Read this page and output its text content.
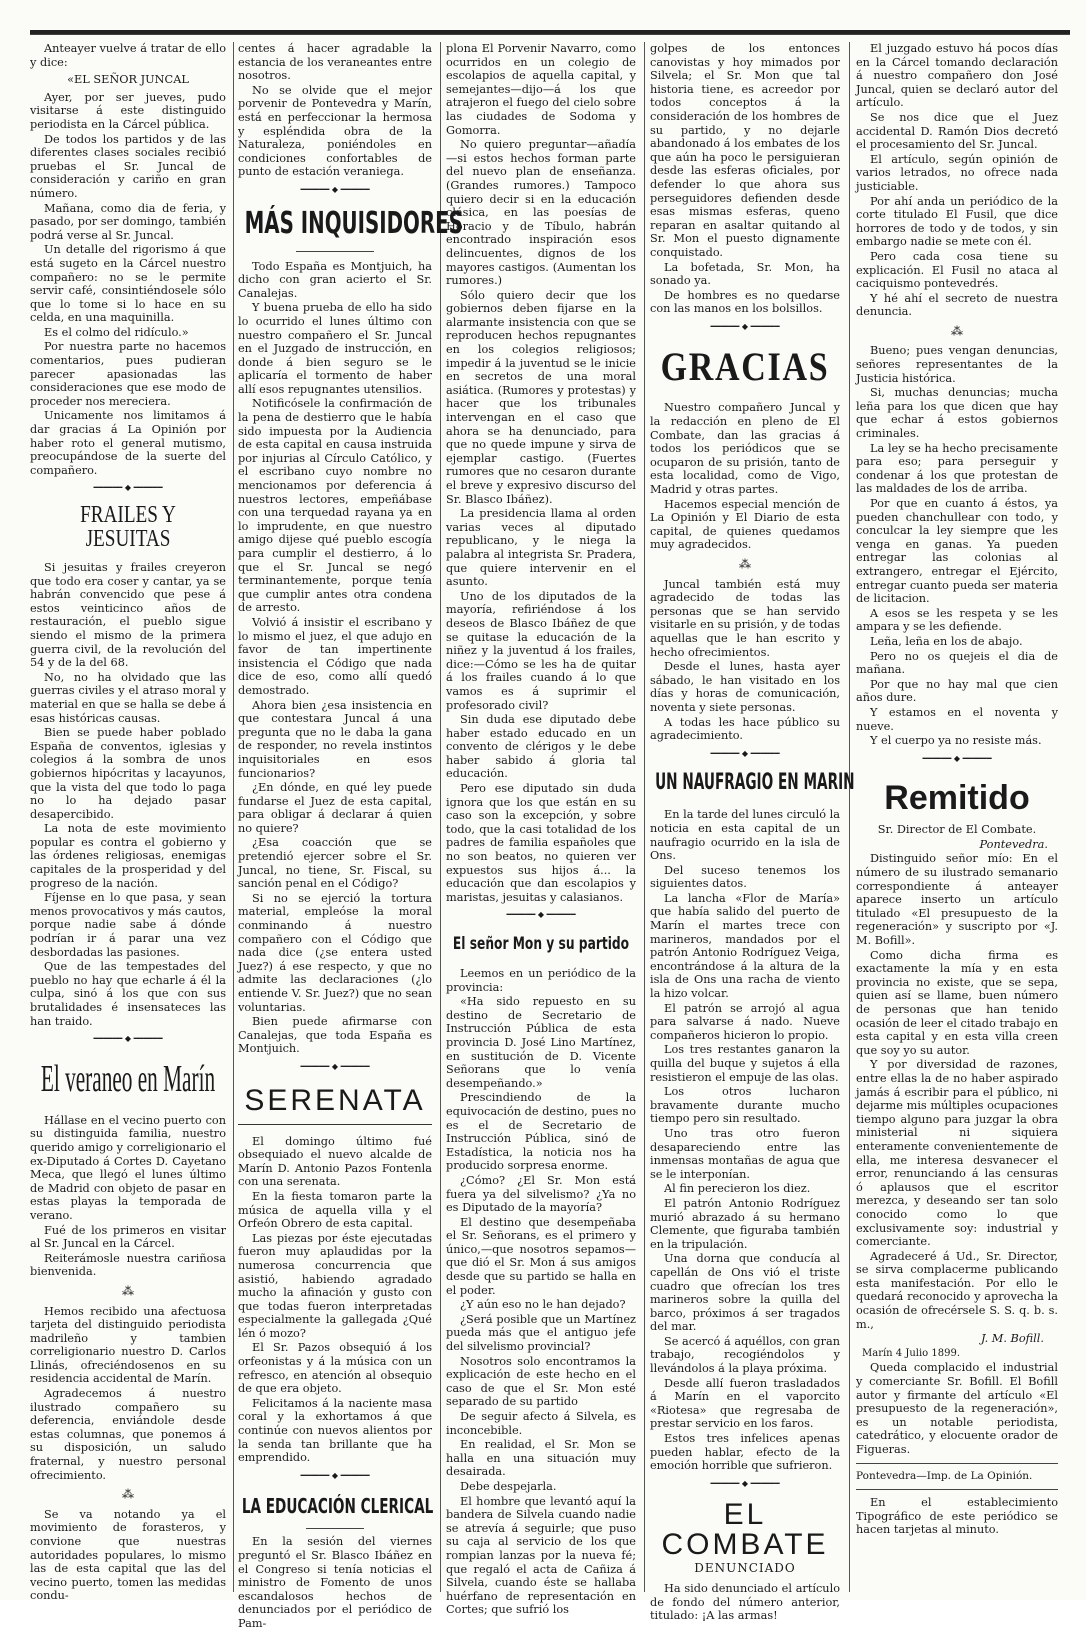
Anteayer vuelve á tratar de ello y dice:

«EL SEÑOR JUNCAL

Ayer, por ser jueves, pudo visitarse á este distinguido periodista en la Cárcel pública.

De todos los partidos y de las diferentes clases sociales recibió pruebas el Sr. Juncal de consideración y cariño en gran número.

Mañana, como dia de feria, y pasado, por ser domingo, también podrá verse al Sr. Juncal.

Un detalle del rigorismo á que está sugeto en la Cárcel nuestro compañero: no se le permite servir café, consintiéndosele sólo que lo tome si lo hace en su celda, en una maquinilla.

Es el colmo del ridículo.»

Por nuestra parte no hacemos comentarios, pues pudieran parecer apasionadas las consideraciones que ese modo de proceder nos mereciera.

Unicamente nos limitamos á dar gracias á La Opinión por haber roto el general mutismo, preocupándose de la suerte del compañero.

━━━━━━ ◆ ━━━━━━
FRAILES Y JESUITAS

Si jesuitas y frailes creyeron que todo era coser y cantar, ya se habrán convencido que pese á estos veinticinco años de restauración, el pueblo sigue siendo el mismo de la primera guerra civil, de la revolución del 54 y de la del 68.

No, no ha olvidado que las guerras civiles y el atraso moral y material en que se halla se debe á esas históricas causas.

Bien se puede haber poblado España de conventos, iglesias y colegios á la sombra de unos gobiernos hipócritas y lacayunos, que la vista del que todo lo paga no lo ha dejado pasar desapercibido.

La nota de este movimiento popular es contra el gobierno y las órdenes religiosas, enemigas capitales de la prosperidad y del progreso de la nación.

Fíjense en lo que pasa, y sean menos provocativos y más cautos, porque nadie sabe á dónde podrían ir á parar una vez desbordadas las pasiones.

Que de las tempestades del pueblo no hay que echarle á él la culpa, sinó á los que con sus brutalidades é insensateces las han traido.

━━━━━━ ◆ ━━━━━━
El veraneo en Marín

Hállase en el vecino puerto con su distinguida familia, nuestro querido amigo y correligionario el ex-Diputado á Cortes D. Cayetano Meca, que llegó el lunes último de Madrid con objeto de pasar en estas playas la temporada de verano.

Fué de los primeros en visitar al Sr. Juncal en la Cárcel.

Reiterámosle nuestra cariñosa bienvenida.

⁂

Hemos recibido una afectuosa tarjeta del distinguido periodista madrileño y tambien correligionario nuestro D. Carlos Llinás, ofreciéndosenos en su residencia accidental de Marín.

Agradecemos á nuestro ilustrado compañero su deferencia, enviándole desde estas columnas, que ponemos á su disposición, un saludo fraternal, y nuestro personal ofrecimiento.

⁂

Se va notando ya el movimiento de forasteros, y convione que nuestras autoridades populares, lo mismo las de esta capital que las del vecino puerto, tomen las medidas condu-

centes á hacer agradable la estancia de los veraneantes entre nosotros.

No se olvide que el mejor porvenir de Pontevedra y Marín, está en perfeccionar la hermosa y espléndida obra de la Naturaleza, poniéndoles en condiciones confortables de punto de estación veraniega.

━━━━━━ ◆ ━━━━━━
MÁS INQUISIDORES

Todo España es Montjuich, ha dicho con gran acierto el Sr. Canalejas.

Y buena prueba de ello ha sido lo ocurrido el lunes último con nuestro compañero el Sr. Juncal en el Juzgado de instrucción, en donde á bien seguro se le aplicaría el tormento de haber allí esos repugnantes utensilios.

Notificósele la confirmación de la pena de destierro que le había sido impuesta por la Audiencia de esta capital en causa instruida por injurias al Círculo Católico, y el escribano cuyo nombre no mencionamos por deferencia á nuestros lectores, empeñábase con una terquedad rayana ya en lo imprudente, en que nuestro amigo dijese qué pueblo escogía para cumplir el destierro, á lo que el Sr. Juncal se negó terminantemente, porque tenía que cumplir antes otra condena de arresto.

Volvió á insistir el escribano y lo mismo el juez, el que adujo en favor de tan impertinente insistencia el Código que nada dice de eso, como allí quedó demostrado.

Ahora bien ¿esa insistencia en que contestara Juncal á una pregunta que no le daba la gana de responder, no revela instintos inquisitoriales en esos funcionarios?

¿En dónde, en qué ley puede fundarse el Juez de esta capital, para obligar á declarar á quien no quiere?

¿Esa coacción que se pretendió ejercer sobre el Sr. Juncal, no tiene, Sr. Fiscal, su sanción penal en el Código?

Si no se ejerció la tortura material, empleóse la moral conminando á nuestro compañero con el Código que nada dice (¿se entera usted Juez?) á ese respecto, y que no admite las declaraciones (¿lo entiende V. Sr. Juez?) que no sean voluntarias.

Bien puede afirmarse con Canalejas, que toda España es Montjuich.

━━━━━━ ◆ ━━━━━━
SERENATA

El domingo último fué obsequiado el nuevo alcalde de Marín D. Antonio Pazos Fontenla con una serenata.

En la fiesta tomaron parte la música de aquella villa y el Orfeón Obrero de esta capital.

Las piezas por éste ejecutadas fueron muy aplaudidas por la numerosa concurrencia que asistió, habiendo agradado mucho la afinación y gusto con que todas fueron interpretadas especialmente la gallegada ¿Qué lén ó mozo?

El Sr. Pazos obsequió á los orfeonistas y á la música con un refresco, en atención al obsequio de que era objeto.

Felicitamos á la naciente masa coral y la exhortamos á que continúe con nuevos alientos por la senda tan brillante que ha emprendido.

━━━━━━ ◆ ━━━━━━
LA EDUCACIÓN CLERICAL

En la sesión del viernes preguntó el Sr. Blasco Ibáñez en el Congreso si tenía noticias el ministro de Fomento de unos escandalosos hechos de denunciados por el periódico de Pam-

plona El Porvenir Navarro, como ocurridos en un colegio de escolapios de aquella capital, y semejantes—dijo—á los que atrajeron el fuego del cielo sobre las ciudades de Sodoma y Gomorra.

No quiero preguntar—añadía—si estos hechos forman parte del nuevo plan de enseñanza. (Grandes rumores.) Tampoco quiero decir si en la educación clásica, en las poesías de Horacio y de Tíbulo, habrán encontrado inspiración esos delincuentes, dignos de los mayores castigos. (Aumentan los rumores.)

Sólo quiero decir que los gobiernos deben fijarse en la alarmante insistencia con que se reproducen hechos repugnantes en los colegios religiosos; impedir á la juventud se le inicie en secretos de una moral asiática. (Rumores y protestas) y hacer que los tribunales intervengan en el caso que ahora se ha denunciado, para que no quede impune y sirva de ejemplar castigo. (Fuertes rumores que no cesaron durante el breve y expresivo discurso del Sr. Blasco Ibáñez).

La presidencia llama al orden varias veces al diputado republicano, y le niega la palabra al integrista Sr. Pradera, que quiere intervenir en el asunto.

Uno de los diputados de la mayoría, refiriéndose á los deseos de Blasco Ibáñez de que se quitase la educación de la niñez y la juventud á los frailes, dice:—Cómo se les ha de quitar á los frailes cuando á lo que vamos es á suprimir el profesorado civil?

Sin duda ese diputado debe haber estado educado en un convento de clérigos y le debe haber sabido á gloria tal educación.

Pero ese diputado sin duda ignora que los que están en su caso son la excepción, y sobre todo, que la casi totalidad de los padres de familia españoles que no son beatos, no quieren ver expuestos sus hijos á... la educación que dan escolapios y maristas, jesuitas y calasianos.

━━━━━━ ◆ ━━━━━━
El señor Mon y su partido

Leemos en un periódico de la provincia:

«Ha sido repuesto en su destino de Secretario de Instrucción Pública de esta provincia D. José Lino Martínez, en sustitución de D. Vicente Señorans que lo venía desempeñando.»

Prescindiendo de la equivocación de destino, pues no es el de Secretario de Instrucción Pública, sinó de Estadística, la noticia nos ha producido sorpresa enorme.

¿Cómo? ¿El Sr. Mon está fuera ya del silvelismo? ¿Ya no es Diputado de la mayoría?

El destino que desempeñaba el Sr. Señorans, es el primero y único,—que nosotros sepamos—que dió el Sr. Mon á sus amigos desde que su partido se halla en el poder.

¿Y aún eso no le han dejado?

¿Será posible que un Martínez pueda más que el antiguo jefe del silvelismo provincial?

Nosotros solo encontramos la explicación de este hecho en el caso de que el Sr. Mon esté separado de su partido

De seguir afecto á Silvela, es inconcebible.

En realidad, el Sr. Mon se halla en una situación muy desairada.

Debe despejarla.

El hombre que levantó aquí la bandera de Silvela cuando nadie se atrevía á seguirle; que puso su caja al servicio de los que rompian lanzas por la nueva fé; que regaló el acta de Cañiza á Silvela, cuando éste se hallaba huérfano de representación en Cortes; que sufrió los

golpes de los entonces canovistas y hoy mimados por Silvela; el Sr. Mon que tal historia tiene, es acreedor por todos conceptos á la consideración de los hombres de su partido, y no dejarle abandonado á los embates de los que aún ha poco le persiguieran desde las esferas oficiales, por defender lo que ahora sus perseguidores defienden desde esas mismas esferas, queno reparan en asaltar quitando al Sr. Mon el puesto dignamente conquistado.

La bofetada, Sr. Mon, ha sonado ya.

De hombres es no quedarse con las manos en los bolsillos.

━━━━━━ ◆ ━━━━━━
GRACIAS

Nuestro compañero Juncal y la redacción en pleno de El Combate, dan las gracias á todos los periódicos que se ocuparon de su prisión, tanto de esta localidad, como de Vigo, Madrid y otras partes.

Hacemos especial mención de La Opinión y El Diario de esta capital, de quienes quedamos muy agradecidos.

⁂

Juncal también está muy agradecido de todas las personas que se han servido visitarle en su prisión, y de todas aquellas que le han escrito y hecho ofrecimientos.

Desde el lunes, hasta ayer sábado, le han visitado en los días y horas de comunicación, noventa y siete personas.

A todas les hace público su agradecimiento.

━━━━━━ ◆ ━━━━━━
UN NAUFRAGIO EN MARIN

En la tarde del lunes circuló la noticia en esta capital de un naufragio ocurrido en la isla de Ons.

Del suceso tenemos los siguientes datos.

La lancha «Flor de María» que había salido del puerto de Marín el martes trece con marineros, mandados por el patrón Antonio Rodríguez Veiga, encontrándose á la altura de la isla de Ons una racha de viento la hizo volcar.

El patrón se arrojó al agua para salvarse á nado. Nueve compañeros hicieron lo propio.

Los tres restantes ganaron la quilla del buque y sujetos á ella resistieron el empuje de las olas.

Los otros lucharon bravamente durante mucho tiempo pero sin resultado.

Uno tras otro fueron desapareciendo entre las inmensas montañas de agua que se le interponían.

Al fin perecieron los diez.

El patrón Antonio Rodríguez murió abrazado á su hermano Clemente, que figuraba también en la tripulación.

Una dorna que conducía al capellán de Ons vió el triste cuadro que ofrecían los tres marineros sobre la quilla del barco, próximos á ser tragados del mar.

Se acercó á aquéllos, con gran trabajo, recogiéndolos y llevándolos á la playa próxima.

Desde allí fueron trasladados á Marín en el vaporcito «Riotesa» que regresaba de prestar servicio en los faros.

Estos tres infelices apenas pueden hablar, efecto de la emoción horrible que sufrieron.

━━━━━━ ◆ ━━━━━━
EL COMBATE
DENUNCIADO

Ha sido denunciado el artículo de fondo del número anterior, titulado: ¡A las armas!

El juzgado estuvo há pocos días en la Cárcel tomando declaración á nuestro compañero don José Juncal, quien se declaró autor del artículo.

Se nos dice que el Juez accidental D. Ramón Dios decretó el procesamiento del Sr. Juncal.

El artículo, según opinión de varios letrados, no ofrece nada justiciable.

Por ahí anda un periódico de la corte titulado El Fusil, que dice horrores de todo y de todos, y sin embargo nadie se mete con él.

Pero cada cosa tiene su explicación. El Fusil no ataca al caciquismo pontevedrés.

Y hé ahí el secreto de nuestra denuncia.

⁂

Bueno; pues vengan denuncias, señores representantes de la Justicia histórica.

Si, muchas denuncias; mucha leña para los que dicen que hay que echar á estos gobiernos criminales.

La ley se ha hecho precisamente para eso; para perseguir y condenar á los que protestan de las maldades de los de arriba.

Por que en cuanto á éstos, ya pueden chanchullear con todo, y conculcar la ley siempre que les venga en ganas. Ya pueden entregar las colonias al extrangero, entregar el Ejército, entregar cuanto pueda ser materia de licitacion.

A esos se les respeta y se les ampara y se les defiende.

Leña, leña en los de abajo.

Pero no os quejeis el dia de mañana.

Por que no hay mal que cien años dure.

Y estamos en el noventa y nueve.

Y el cuerpo ya no resiste más.

━━━━━━ ◆ ━━━━━━
Remitido

Sr. Director de El Combate.

Pontevedra.

Distinguido señor mío: En el número de su ilustrado semanario correspondiente á anteayer aparece inserto un artículo titulado «El presupuesto de la regeneración» y suscripto por «J. M. Bofill».

Como dicha firma es exactamente la mía y en esta provincia no existe, que se sepa, quien así se llame, buen número de personas que han tenido ocasión de leer el citado trabajo en esta capital y en esta villa creen que soy yo su autor.

Y por diversidad de razones, entre ellas la de no haber aspirado jamás á escribir para el público, ni dejarme mis múltiples ocupaciones tiempo alguno para juzgar la obra ministerial ni siquiera enteramente convenientemente de ella, me interesa desvanecer el error, renunciando á las censuras ó aplausos que el escritor merezca, y deseando ser tan solo conocido como lo que exclusivamente soy: industrial y comerciante.

Agradeceré á Ud., Sr. Director, se sirva complacerme publicando esta manifestación. Por ello le quedará reconocido y aprovecha la ocasión de ofrecérsele S. S. q. b. s. m.,

J. M. Bofill.

Marín 4 Julio 1899.

Queda complacido el industrial y comerciante Sr. Bofill. El Bofill autor y firmante del artículo «El presupuesto de la regeneración», es un notable periodista, catedrático, y elocuente orador de Figueras.

Pontevedra—Imp. de La Opinión.

En el establecimiento Tipográfico de este periódico se hacen tarjetas al minuto.
